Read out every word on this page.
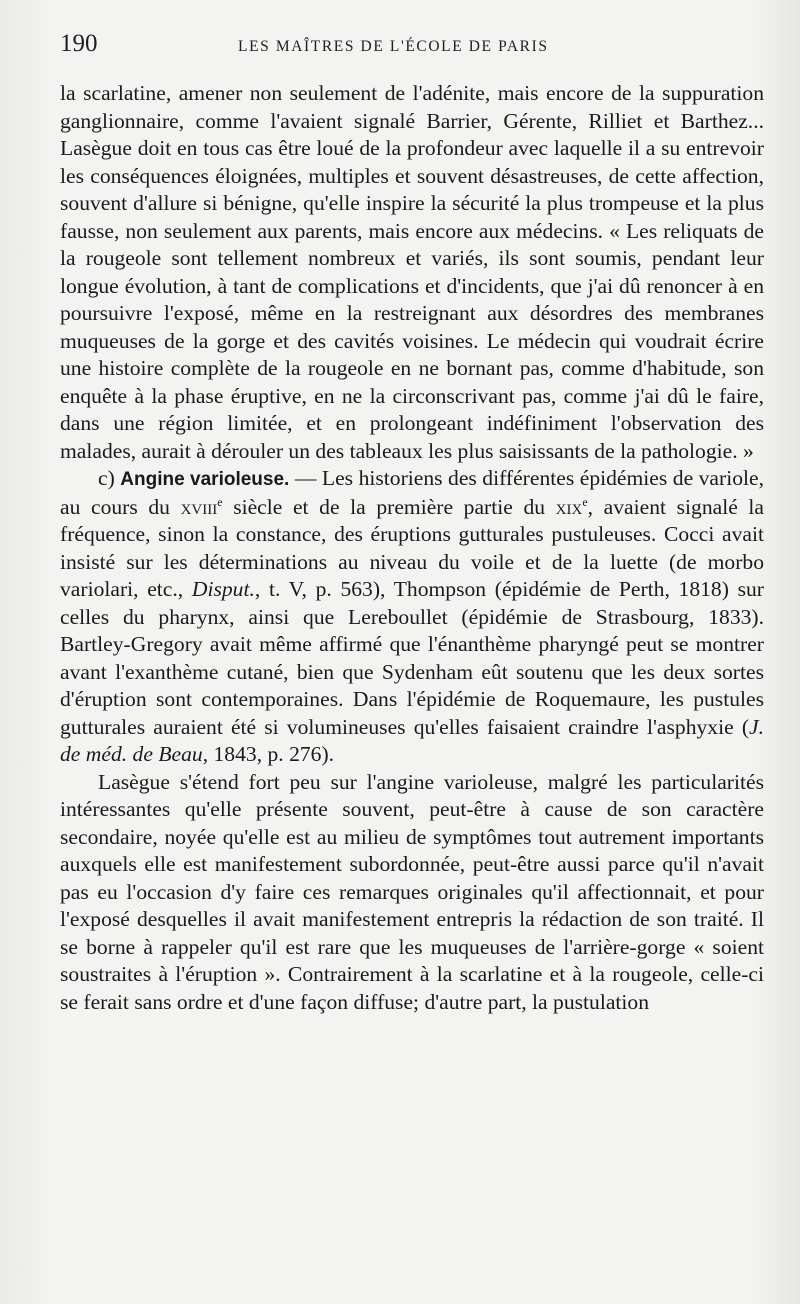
190	LES MAÎTRES DE L'ÉCOLE DE PARIS

la scarlatine, amener non seulement de l'adénite, mais encore de la suppuration ganglionnaire, comme l'avaient signalé Barrier, Gérente, Rilliet et Barthez... Lasègue doit en tous cas être loué de la profondeur avec laquelle il a su entrevoir les conséquences éloignées, multiples et souvent désastreuses, de cette affection, souvent d'allure si bénigne, qu'elle inspire la sécurité la plus trompeuse et la plus fausse, non seulement aux parents, mais encore aux médecins. « Les reliquats de la rougeole sont tellement nombreux et variés, ils sont soumis, pendant leur longue évolution, à tant de complications et d'incidents, que j'ai dû renoncer à en poursuivre l'exposé, même en la restreignant aux désordres des membranes muqueuses de la gorge et des cavités voisines. Le médecin qui voudrait écrire une histoire complète de la rougeole en ne bornant pas, comme d'habitude, son enquête à la phase éruptive, en ne la circonscrivant pas, comme j'ai dû le faire, dans une région limitée, et en prolongeant indéfiniment l'observation des malades, aurait à dérouler un des tableaux les plus saisissants de la pathologie. »

c) Angine varioleuse. — Les historiens des différentes épidémies de variole, au cours du xviii$^e$ siècle et de la première partie du xix$^e$, avaient signalé la fréquence, sinon la constance, des éruptions gutturales pustuleuses. Cocci avait insisté sur les déterminations au niveau du voile et de la luette (de morbo variolari, etc., Disput., t. V, p. 563), Thompson (épidémie de Perth, 1818) sur celles du pharynx, ainsi que Lereboullet (épidémie de Strasbourg, 1833). Bartley-Gregory avait même affirmé que l'énanthème pharyngé peut se montrer avant l'exanthème cutané, bien que Sydenham eût soutenu que les deux sortes d'éruption sont contemporaines. Dans l'épidémie de Roquemaure, les pustules gutturales auraient été si volumineuses qu'elles faisaient craindre l'asphyxie (J. de méd. de Beau, 1843, p. 276).

Lasègue s'étend fort peu sur l'angine varioleuse, malgré les particularités intéressantes qu'elle présente souvent, peut-être à cause de son caractère secondaire, noyée qu'elle est au milieu de symptômes tout autrement importants auxquels elle est manifestement subordonnée, peut-être aussi parce qu'il n'avait pas eu l'occasion d'y faire ces remarques originales qu'il affectionnait, et pour l'exposé desquelles il avait manifestement entrepris la rédaction de son traité. Il se borne à rappeler qu'il est rare que les muqueuses de l'arrière-gorge « soient soustraites à l'éruption ». Contrairement à la scarlatine et à la rougeole, celle-ci se ferait sans ordre et d'une façon diffuse; d'autre part, la pustulation
